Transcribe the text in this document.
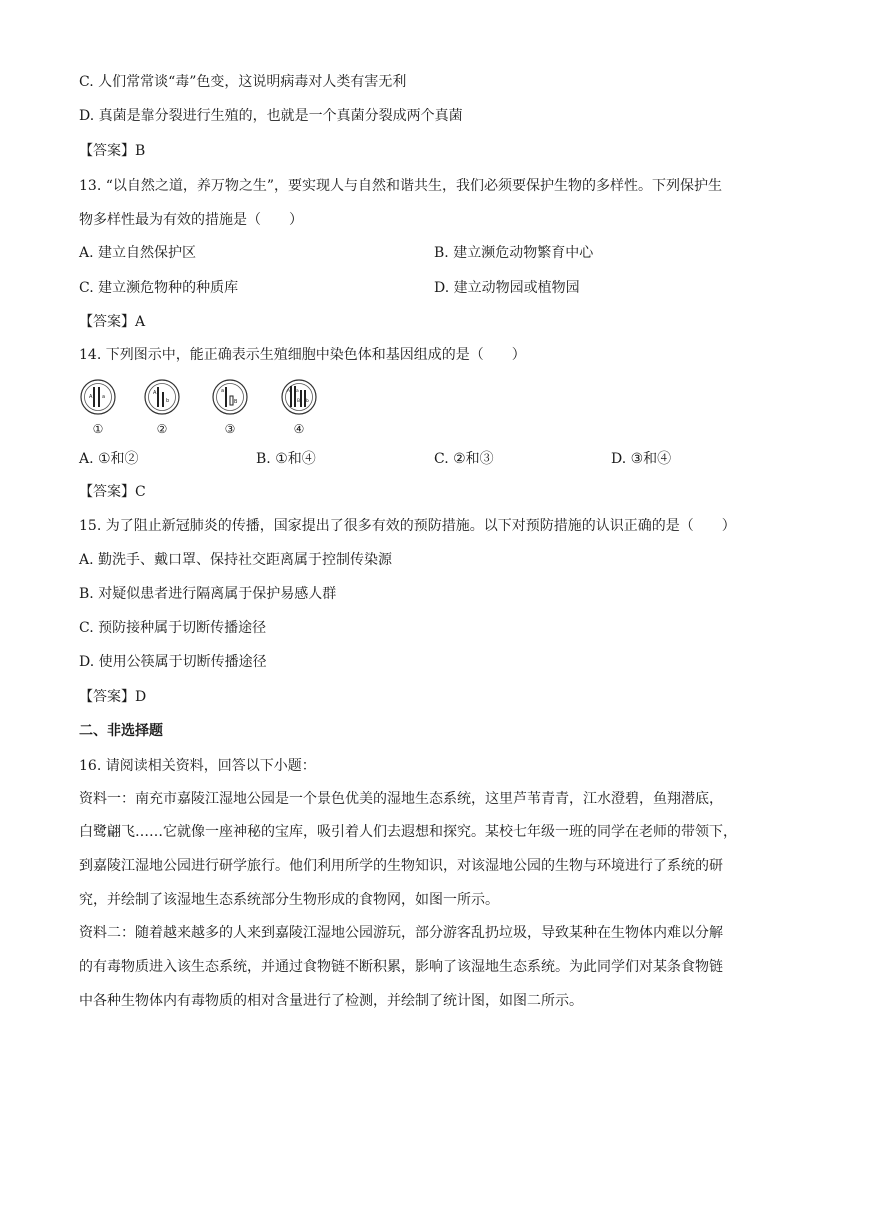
C. 人们常常谈“毒”色变，这说明病毒对人类有害无利
D. 真菌是靠分裂进行生殖的，也就是一个真菌分裂成两个真菌
【答案】B
13. “以自然之道，养万物之生”，要实现人与自然和谐共生，我们必须要保护生物的多样性。下列保护生
物多样性最为有效的措施是（　　）
A. 建立自然保护区	B. 建立濒危动物繁育中心
C. 建立濒危物种的种质库	D. 建立动物园或植物园
【答案】A
14. 下列图示中，能正确表示生殖细胞中染色体和基因组成的是（　　）
A a
①
A
b
②
a
B
③
A a
B b
④
A. ①和②	B. ①和④	C. ②和③	D. ③和④
【答案】C
15. 为了阻止新冠肺炎的传播，国家提出了很多有效的预防措施。以下对预防措施的认识正确的是（　　）
A. 勤洗手、戴口罩、保持社交距离属于控制传染源
B. 对疑似患者进行隔离属于保护易感人群
C. 预防接种属于切断传播途径
D. 使用公筷属于切断传播途径
【答案】D
二、非选择题
16. 请阅读相关资料，回答以下小题：
资料一：南充市嘉陵江湿地公园是一个景色优美的湿地生态系统，这里芦苇青青，江水澄碧，鱼翔潜底，
白鹭翩飞……它就像一座神秘的宝库，吸引着人们去遐想和探究。某校七年级一班的同学在老师的带领下，
到嘉陵江湿地公园进行研学旅行。他们利用所学的生物知识，对该湿地公园的生物与环境进行了系统的研
究，并绘制了该湿地生态系统部分生物形成的食物网，如图一所示。
资料二：随着越来越多的人来到嘉陵江湿地公园游玩，部分游客乱扔垃圾，导致某种在生物体内难以分解
的有毒物质进入该生态系统，并通过食物链不断积累，影响了该湿地生态系统。为此同学们对某条食物链
中各种生物体内有毒物质的相对含量进行了检测，并绘制了统计图，如图二所示。
